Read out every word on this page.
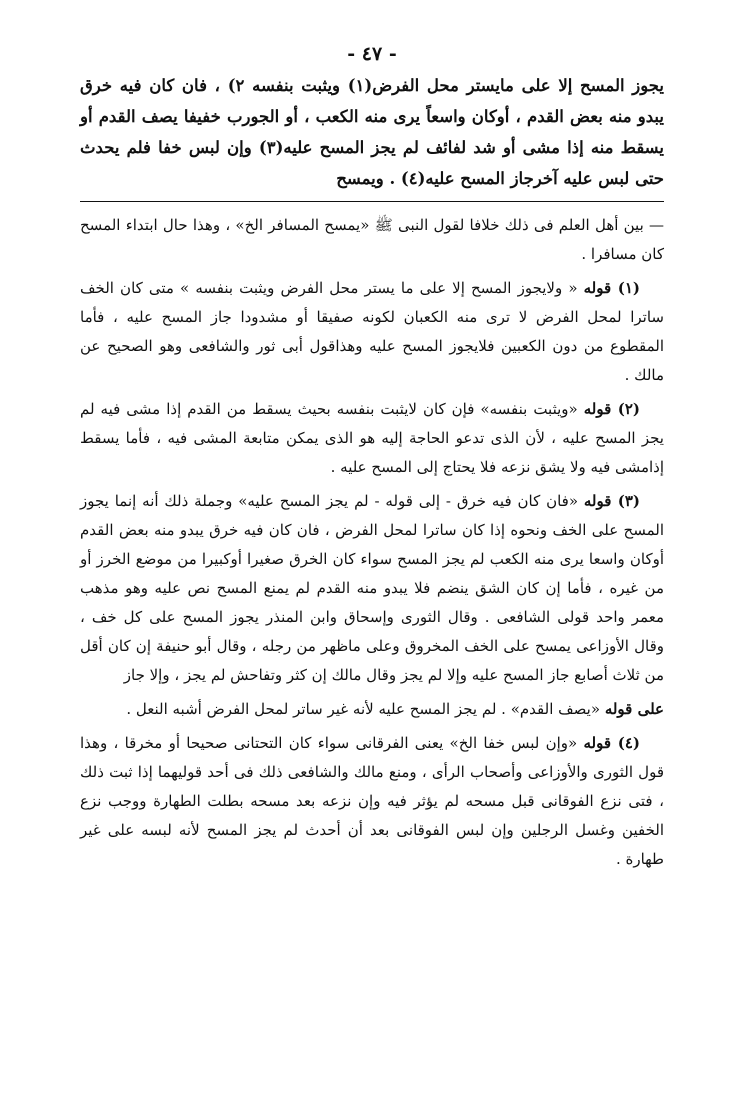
- ٤٧ -
يجوز المسح إلا على مايستر محل الفرض(١) ويثبت بنفسه ٢) ، فان كان فيه خرق يبدو منه بعض القدم ، أوكان واسعاً يرى منه الكعب ، أو الجورب خفيفا يصف القدم أو يسقط منه إذا مشى أو شد لفائف لم يجز المسح عليه(٣) وإن لبس خفا فلم يحدث حتى لبس عليه آخرجاز المسح عليه(٤) . ويمسح

— بين أهل العلم فى ذلك خلافا لقول النبى ﷺ «يمسح المسافر الخ» ، وهذا حال ابتداء المسح كان مسافرا .

(١) قوله « ولايجوز المسح إلا على ما يستر محل الفرض ويثبت بنفسه » متى كان الخف ساترا لمحل الفرض لا ترى منه الكعبان لكونه صفيقا أو مشدودا جاز المسح عليه ، فأما المقطوع من دون الكعبين فلايجوز المسح عليه وهذاقول أبى ثور والشافعى وهو الصحيح عن مالك .

(٢) قوله «ويثبت بنفسه» فإن كان لايثبت بنفسه بحيث يسقط من القدم إذا مشى فيه لم يجز المسح عليه ، لأن الذى تدعو الحاجة إليه هو الذى يمكن متابعة المشى فيه ، فأما يسقط إذامشى فيه ولا يشق نزعه فلا يحتاج إلى المسح عليه .

(٣) قوله «فان كان فيه خرق - إلى قوله - لم يجز المسح عليه» وجملة ذلك أنه إنما يجوز المسح على الخف ونحوه إذا كان ساترا لمحل الفرض ، فان كان فيه خرق يبدو منه بعض القدم أوكان واسعا يرى منه الكعب لم يجز المسح سواء كان الخرق صغيرا أوكبيرا من موضع الخرز أو من غيره ، فأما إن كان الشق ينضم فلا يبدو منه القدم لم يمنع المسح نص عليه وهو مذهب معمر واحد قولى الشافعى . وقال الثورى وإسحاق وابن المنذر يجوز المسح على كل خف ، وقال الأوزاعى يمسح على الخف المخروق وعلى ماظهر من رجله ، وقال أبو حنيفة إن كان أقل من ثلاث أصابع جاز المسح عليه وإلا لم يجز وقال مالك إن كثر وتفاحش لم يجز ، وإلا جاز

على قوله «يصف القدم» . لم يجز المسح عليه لأنه غير ساتر لمحل الفرض أشبه النعل .

(٤) قوله «وإن لبس خفا الخ» يعنى الفرقانى سواء كان التحتانى صحيحا أو مخرقا ، وهذا قول الثورى والأوزاعى وأصحاب الرأى ، ومنع مالك والشافعى ذلك فى أحد قوليهما إذا ثبت ذلك ، فتى نزع الفوقانى قبل مسحه لم يؤثر فيه وإن نزعه بعد مسحه بطلت الطهارة ووجب نزع الخفين وغسل الرجلين وإن لبس الفوقانى بعد أن أحدث لم يجز المسح لأنه لبسه على غير طهارة .
